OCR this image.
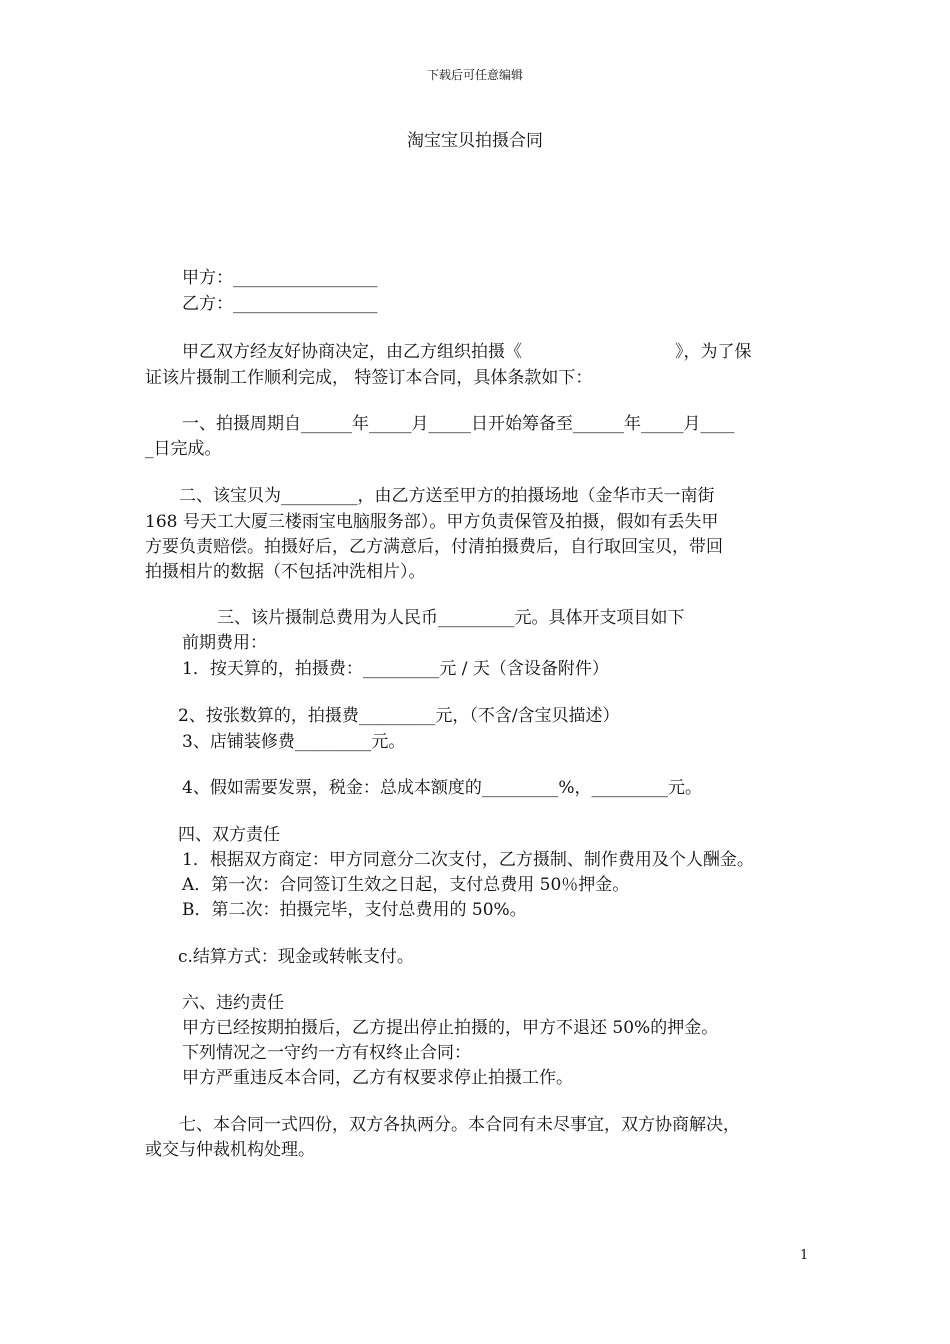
下载后可任意编辑
淘宝宝贝拍摄合同
甲方：_________________
乙方：_________________
甲乙双方经友好协商决定，由乙方组织拍摄《　　　　　　　　　》，为了保
证该片摄制工作顺利完成， 特签订本合同，具体条款如下：
一、拍摄周期自______年_____月_____日开始筹备至______年_____月____
_日完成。
二、该宝贝为_________，由乙方送至甲方的拍摄场地（金华市天一南街
168 号天工大厦三楼雨宝电脑服务部）。甲方负责保管及拍摄，假如有丢失甲
方要负责赔偿。拍摄好后，乙方满意后，付清拍摄费后，自行取回宝贝，带回
拍摄相片的数据（不包括冲洗相片）。
三、该片摄制总费用为人民币_________元。具体开支项目如下
前期费用：
1．按天算的，拍摄费：_________元 / 天（含设备附件）
2、按张数算的，拍摄费_________元，（不含/含宝贝描述）
3、店铺装修费_________元。
4、假如需要发票，税金：总成本额度的_________%，_________元。
四、双方责任
1．根据双方商定：甲方同意分二次支付，乙方摄制、制作费用及个人酬金。
A．第一次：合同签订生效之日起，支付总费用 50％押金。
B．第二次：拍摄完毕，支付总费用的 50%。
c.结算方式：现金或转帐支付。
六、违约责任
甲方已经按期拍摄后，乙方提出停止拍摄的，甲方不退还 50%的押金。
下列情况之一守约一方有权终止合同：
甲方严重违反本合同，乙方有权要求停止拍摄工作。
七、本合同一式四份，双方各执两分。本合同有未尽事宜，双方协商解决，
或交与仲裁机构处理。
1
